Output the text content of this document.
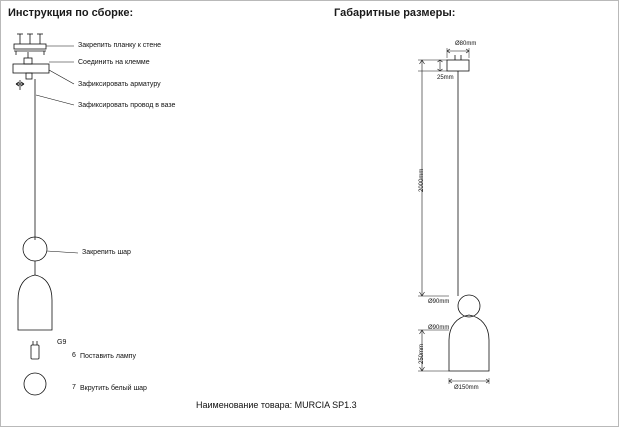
Инструкция по сборке:	Габаритные размеры:
Закрепить планку к стене
Соединить на клемме
Зафиксировать арматуру
Зафиксировать провод в вазе
Закрепить шар
G9
6 Поставить лампу
7 Вкрутить белый шар
Ø80mm
25mm
2000mm
Ø90mm
Ø90mm
250mm
Ø150mm
Наименование товара: MURCIA SP1.3
